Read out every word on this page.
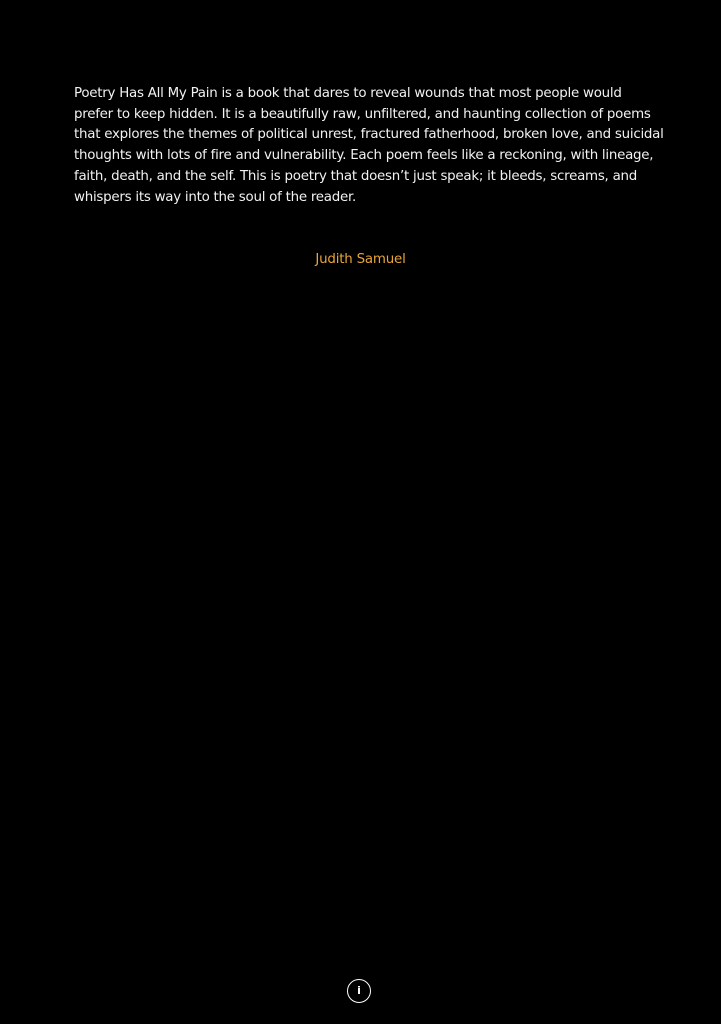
Poetry Has All My Pain is a book that dares to reveal wounds that most people would prefer to keep hidden. It is a beautifully raw, unfiltered, and haunting collection of poems that explores the themes of political unrest, fractured fatherhood, broken love, and suicidal thoughts with lots of fire and vulnerability. Each poem feels like a reckoning, with lineage, faith, death, and the self. This is poetry that doesn’t just speak; it bleeds, screams, and whispers its way into the soul of the reader.

Judith Samuel
i
